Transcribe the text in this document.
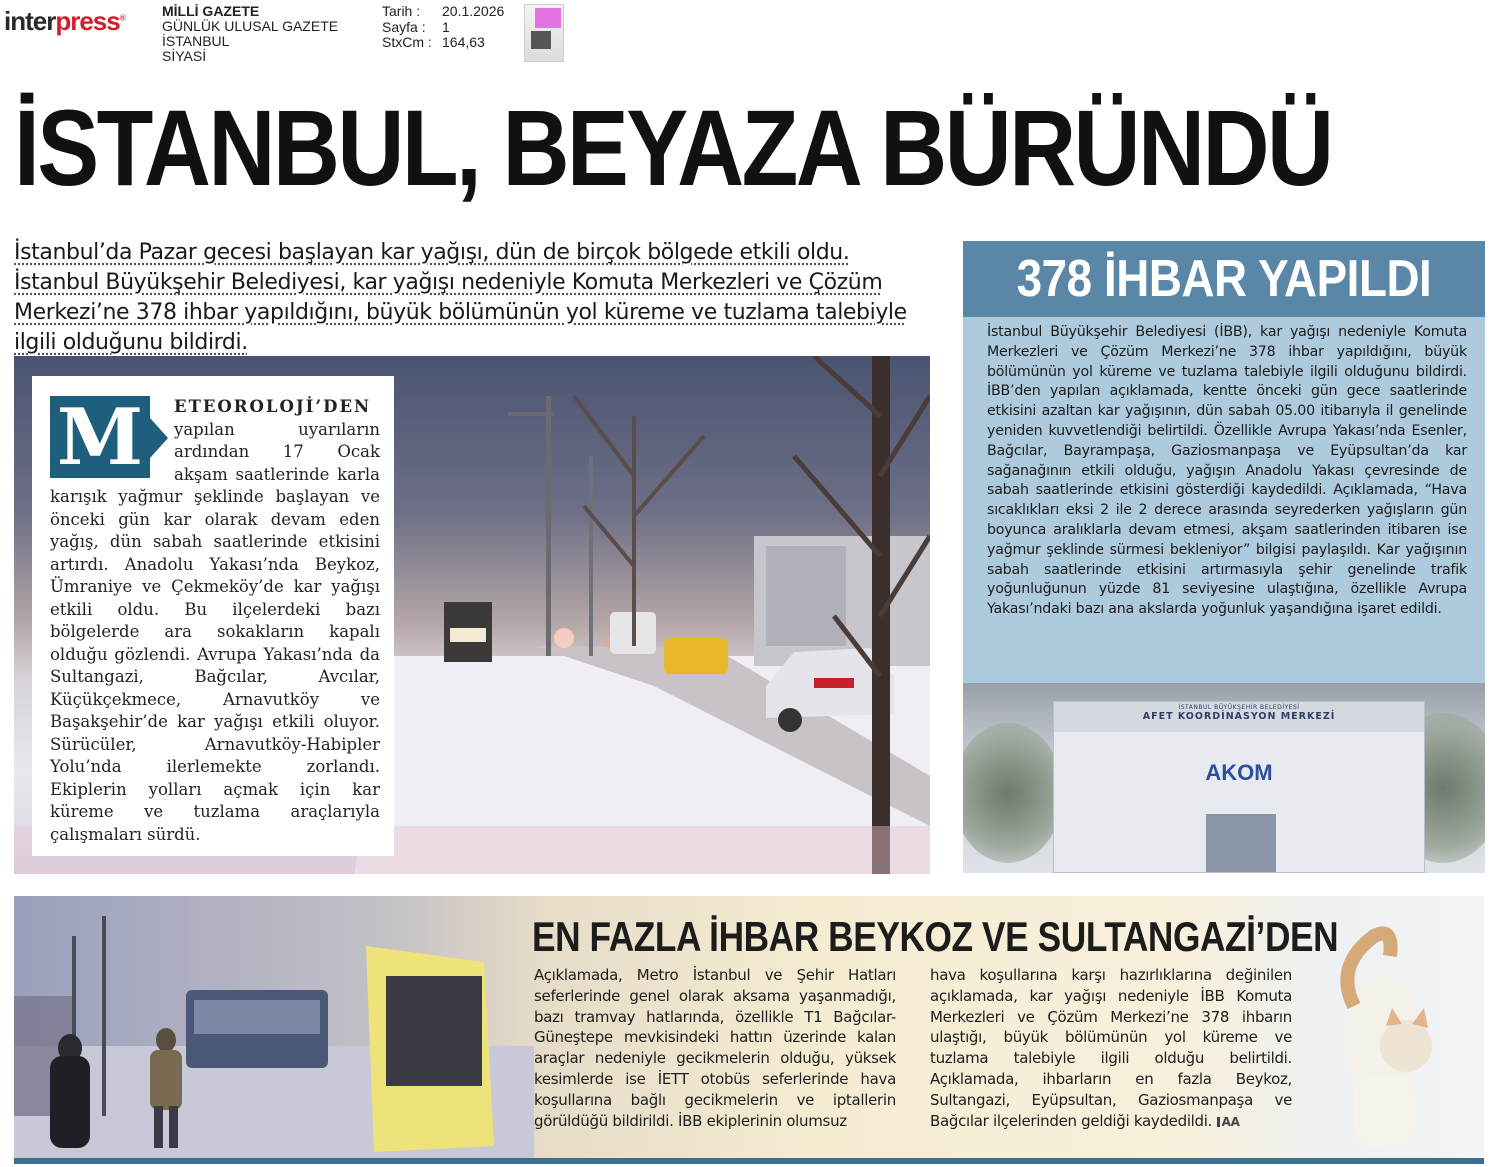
interpress®	MİLLİ GAZETE
GÜNLÜK ULUSAL GAZETE
İSTANBUL
SİYASİ
Tarih :	20.1.2026
Sayfa :	1
StxCm : 164,63
İSTANBUL, BEYAZA BÜRÜNDÜ
İstanbul’da Pazar gecesi başlayan kar yağışı, dün de birçok bölgede etkili oldu. İstanbul Büyükşehir Belediyesi, kar yağışı nedeniyle Komuta Merkezleri ve Çözüm Merkezi’ne 378 ihbar yapıldığını, büyük bölümünün yol küreme ve tuzlama talebiyle ilgili olduğunu bildirdi.
M	ETEOROLOJİ’DEN yapılan uyarıların ardından 17 Ocak akşam saatlerinde karla karışık yağmur şeklinde başlayan ve önceki gün kar olarak devam eden yağış, dün sabah saatlerinde etkisini artırdı. Anadolu Yakası’nda Beykoz, Ümraniye ve Çekmeköy’de kar yağışı etkili oldu. Bu ilçelerdeki bazı bölgelerde ara sokakların kapalı olduğu gözlendi. Avrupa Yakası’nda da Sultangazi, Bağcılar, Avcılar, Küçükçekmece, Arnavutköy ve Başakşehir’de kar yağışı etkili oluyor. Sürücüler, Arnavutköy-Habipler Yolu’nda ilerlemekte zorlandı. Ekiplerin yolları açmak için kar küreme ve tuzlama araçlarıyla çalışmaları sürdü.
378 İHBAR YAPILDI
İstanbul Büyükşehir Belediyesi (İBB), kar yağışı nedeniyle Komuta Merkezleri ve Çözüm Merkezi’ne 378 ihbar yapıldığını, büyük bölümünün yol küreme ve tuzlama talebiyle ilgili olduğunu bildirdi. İBB’den yapılan açıklamada, kentte önceki gün gece saatlerinde etkisini azaltan kar yağışının, dün sabah 05.00 itibarıyla il genelinde yeniden kuvvetlendiği belirtildi. Özellikle Avrupa Yakası’nda Esenler, Bağcılar, Bayrampaşa, Gaziosmanpaşa ve Eyüpsultan’da kar sağanağının etkili olduğu, yağışın Anadolu Yakası çevresinde de sabah saatlerinde etkisini gösterdiği kaydedildi. Açıklamada, “Hava sıcaklıkları eksi 2 ile 2 derece arasında seyrederken yağışların gün boyunca aralıklarla devam etmesi, akşam saatlerinden itibaren ise yağmur şeklinde sürmesi bekleniyor” bilgisi paylaşıldı. Kar yağışının sabah saatlerinde etkisini artırmasıyla şehir genelinde trafik yoğunluğunun yüzde 81 seviyesine ulaştığına, özellikle Avrupa Yakası’ndaki bazı ana akslarda yoğunluk yaşandığına işaret edildi.
İSTANBUL BÜYÜKŞEHİR BELEDİYESİ
AFET KOORDİNASYON MERKEZİ
AKOM
EN FAZLA İHBAR BEYKOZ VE SULTANGAZİ’DEN
Açıklamada, Metro İstanbul ve Şehir Hatları seferlerinde genel olarak aksama yaşanmadığı, bazı tramvay hatlarında, özellikle T1 Bağcılar-Güneştepe mevkisindeki hattın üzerinde kalan araçlar nedeniyle gecikmelerin olduğu, yüksek kesimlerde ise İETT otobüs seferlerinde hava koşullarına bağlı gecikmelerin ve iptallerin görüldüğü bildirildi. İBB ekiplerinin olumsuz
hava koşullarına karşı hazırlıklarına değinilen açıklamada, kar yağışı nedeniyle İBB Komuta Merkezleri ve Çözüm Merkezi’ne 378 ihbarın ulaştığı, büyük bölümünün yol küreme ve tuzlama talebiyle ilgili olduğu belirtildi. Açıklamada, ihbarların en fazla Beykoz, Sultangazi, Eyüpsultan, Gaziosmanpaşa ve Bağcılar ilçelerinden geldiği kaydedildi. AA
